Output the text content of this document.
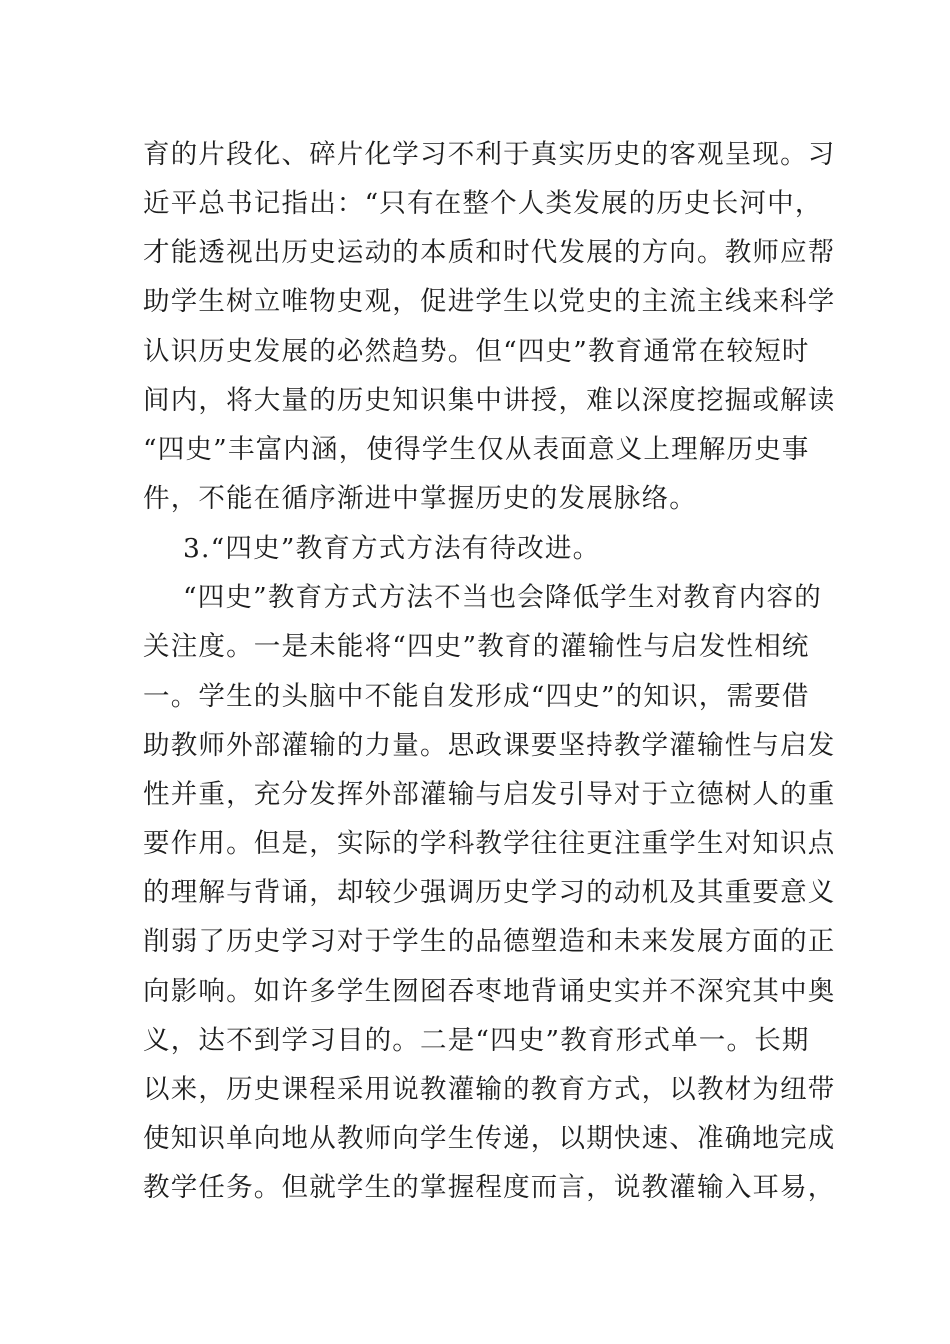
育的片段化、碎片化学习不利于真实历史的客观呈现。习
近平总书记指出：“只有在整个人类发展的历史长河中，
才能透视出历史运动的本质和时代发展的方向。教师应帮
助学生树立唯物史观，促进学生以党史的主流主线来科学
认识历史发展的必然趋势。但“四史”教育通常在较短时
间内，将大量的历史知识集中讲授，难以深度挖掘或解读
“四史”丰富内涵，使得学生仅从表面意义上理解历史事
件，不能在循序渐进中掌握历史的发展脉络。
3.“四史”教育方式方法有待改进。
“四史”教育方式方法不当也会降低学生对教育内容的
关注度。一是未能将“四史”教育的灌输性与启发性相统
一。学生的头脑中不能自发形成“四史”的知识，需要借
助教师外部灌输的力量。思政课要坚持教学灌输性与启发
性并重，充分发挥外部灌输与启发引导对于立德树人的重
要作用。但是，实际的学科教学往往更注重学生对知识点
的理解与背诵，却较少强调历史学习的动机及其重要意义
削弱了历史学习对于学生的品德塑造和未来发展方面的正
向影响。如许多学生囫囵吞枣地背诵史实并不深究其中奥
义，达不到学习目的。二是“四史”教育形式单一。长期
以来，历史课程采用说教灌输的教育方式，以教材为纽带
使知识单向地从教师向学生传递，以期快速、准确地完成
教学任务。但就学生的掌握程度而言，说教灌输入耳易，
